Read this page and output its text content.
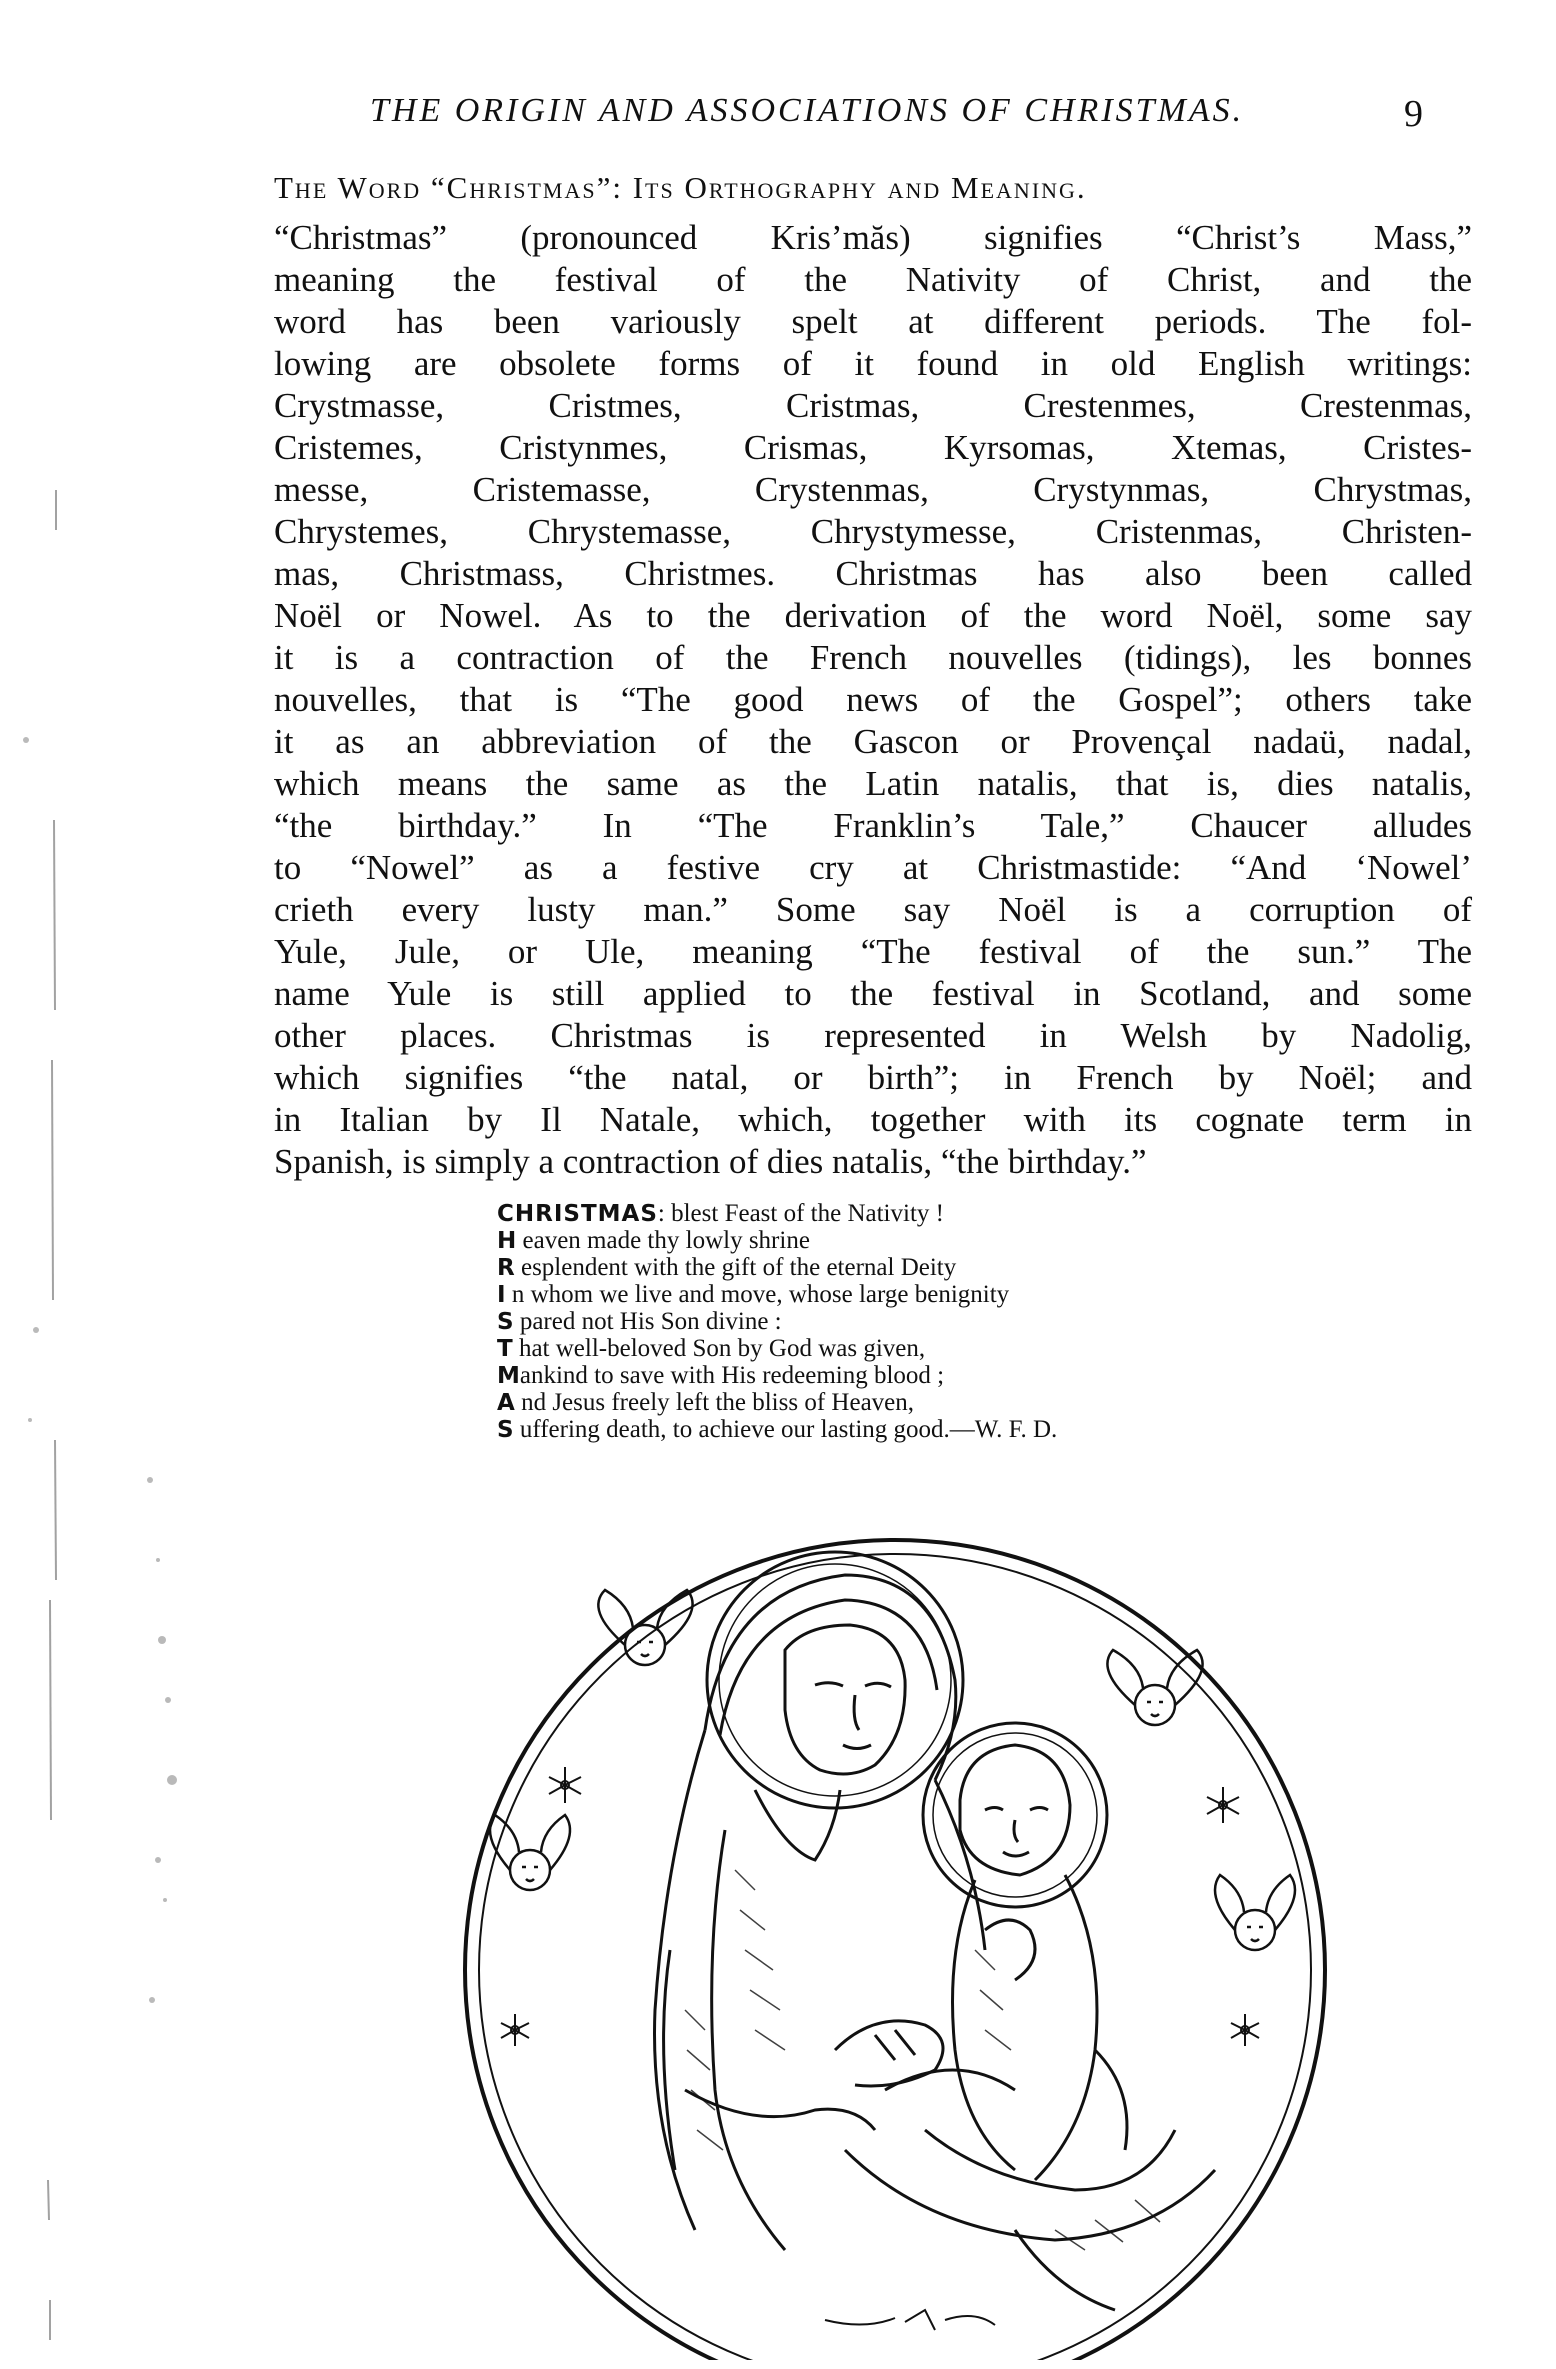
THE ORIGIN AND ASSOCIATIONS OF CHRISTMAS.	9
The Word “Christmas”: Its Orthography and Meaning.
“Christmas” (pronounced Kris’măs) signifies “Christ’s Mass,”
meaning the festival of the Nativity of Christ, and the
word has been variously spelt at different periods. The fol-
lowing are obsolete forms of it found in old English writings:
Crystmasse, Cristmes, Cristmas, Crestenmes, Crestenmas,
Cristemes, Cristynmes, Crismas, Kyrsomas, Xtemas, Cristes-
messe, Cristemasse, Crystenmas, Crystynmas, Chrystmas,
Chrystemes, Chrystemasse, Chrystymesse, Cristenmas, Christen-
mas, Christmass, Christmes. Christmas has also been called
Noël or Nowel. As to the derivation of the word Noël, some say
it is a contraction of the French nouvelles (tidings), les bonnes
nouvelles, that is “The good news of the Gospel”; others take
it as an abbreviation of the Gascon or Provençal nadaü, nadal,
which means the same as the Latin natalis, that is, dies natalis,
“the birthday.” In “The Franklin’s Tale,” Chaucer alludes
to “Nowel” as a festive cry at Christmastide: “And ‘Nowel’
crieth every lusty man.” Some say Noël is a corruption of
Yule, Jule, or Ule, meaning “The festival of the sun.” The
name Yule is still applied to the festival in Scotland, and some
other places. Christmas is represented in Welsh by Nadolig,
which signifies “the natal, or birth”; in French by Noël; and
in Italian by Il Natale, which, together with its cognate term in
Spanish, is simply a contraction of dies natalis, “the birthday.”
CHRISTMAS: blest Feast of the Nativity !
H eaven made thy lowly shrine
R esplendent with the gift of the eternal Deity
I n whom we live and move, whose large benignity
S pared not His Son divine :
T hat well-beloved Son by God was given,
Mankind to save with His redeeming blood ;
A nd Jesus freely left the bliss of Heaven,
S uffering death, to achieve our lasting good.—W. F. D.
